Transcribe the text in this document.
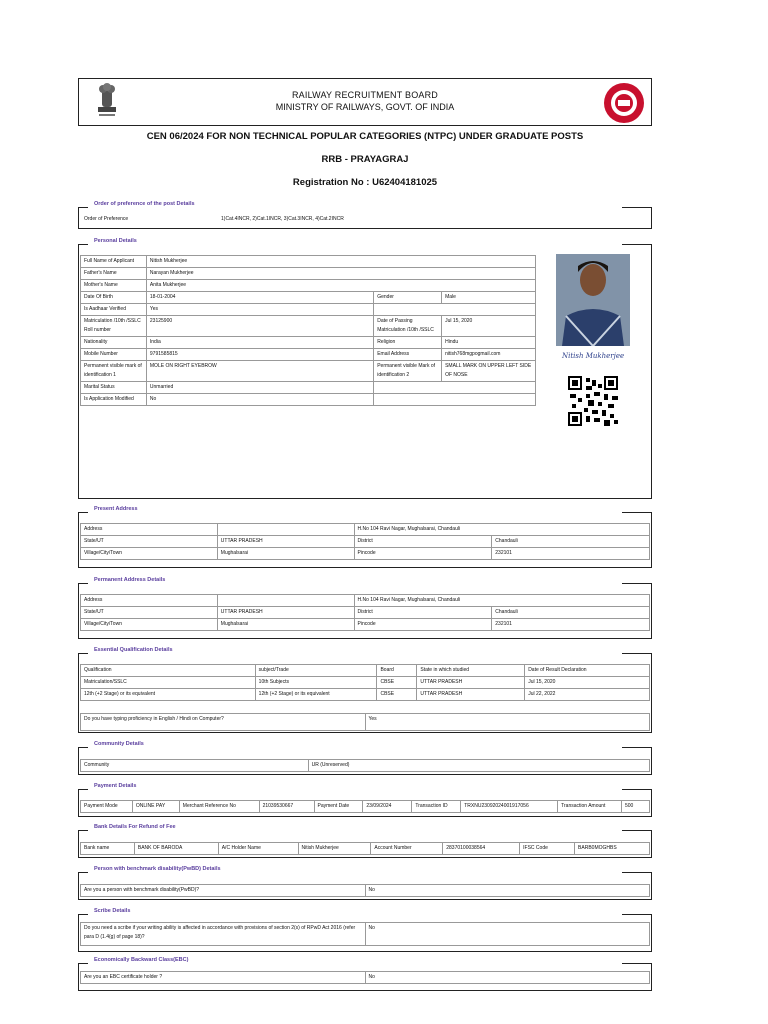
RAILWAY RECRUITMENT BOARD
MINISTRY OF RAILWAYS, GOVT. OF INDIA
CEN 06/2024 FOR NON TECHNICAL POPULAR CATEGORIES (NTPC) UNDER GRADUATE POSTS
RRB - PRAYAGRAJ
Registration No : U62404181025
Order of preference of the post Details
Order of Preference	1)Cat.4INCR, 2)Cat.1INCR, 3)Cat.3INCR, 4)Cat.2INCR
Personal Details
Full Name of Applicant	Nitish Mukherjee		
Father's Name	Narayan Mukherjee		
Mother's Name	Anita Mukherjee		
Date Of Birth	18-01-2004	Gender	Male
Is Aadhaar Verified	Yes		
Matriculation /10th /SSLC Roll number	23125900	Date of Passing Matriculation /10th /SSLC	Jul 15, 2020
Nationality	India	Religion	Hindu
Mobile Number	9791585815	Email Address	nitish768mgpogmail.com
Permanent visible mark of identification 1	MOLE ON RIGHT EYEBROW	Permanent visible Mark of identification 2	SMALL MARK ON UPPER LEFT SIDE OF NOSE
Marital Status	Unmarried		
Is Application Modified	No		
Nitish Mukherjee
Present Address
Address		H.No 104 Ravi Nagar, Mughalsarai, Chandauli	
State/UT	UTTAR PRADESH	District	Chandauli
Village/City/Town	Mughalsarai	Pincode	232101
Permanent Address Details
Address		H.No 104 Ravi Nagar, Mughalsarai, Chandauli	
State/UT	UTTAR PRADESH	District	Chandauli
Village/City/Town	Mughalsarai	Pincode	232101
Essential Qualification Details
Qualification	subject/Trade	Board	State in which studied	Date of Result Declaration
Matriculation/SSLC	10th Subjects	CBSE	UTTAR PRADESH	Jul 15, 2020
12th (+2 Stage) or its equivalent	12th (+2 Stage) or its equivalent	CBSE	UTTAR PRADESH	Jul 22, 2022
Do you have typing proficiency in English / Hindi on Computer?	Yes
Community Details
Community	UR (Unreserved)
Payment Details
Payment Mode	ONLINE PAY	Merchant Reference No	21039530667	Payment Date	23/09/2024	Transaction ID	TRXNU23092024001917056	Transaction Amount	500
Bank Details For Refund of Fee
Bank name	BANK OF BARODA	A/C Holder Name	Nitish Mukherjee	Account Number	28370100038564	IFSC Code	BARB0MOGHBS
Person with benchmark disability(PwBD) Details
Are you a person with benchmark disability(PwBD)?	No
Scribe Details
Do you need a scribe if your writing ability is affected in accordance with provisions of section 2(s) of RPwD Act 2016 (refer para D (1.4(g) of page 18)?	No
Economically Backward Class(EBC)
Are you an EBC certificate holder ?	No
